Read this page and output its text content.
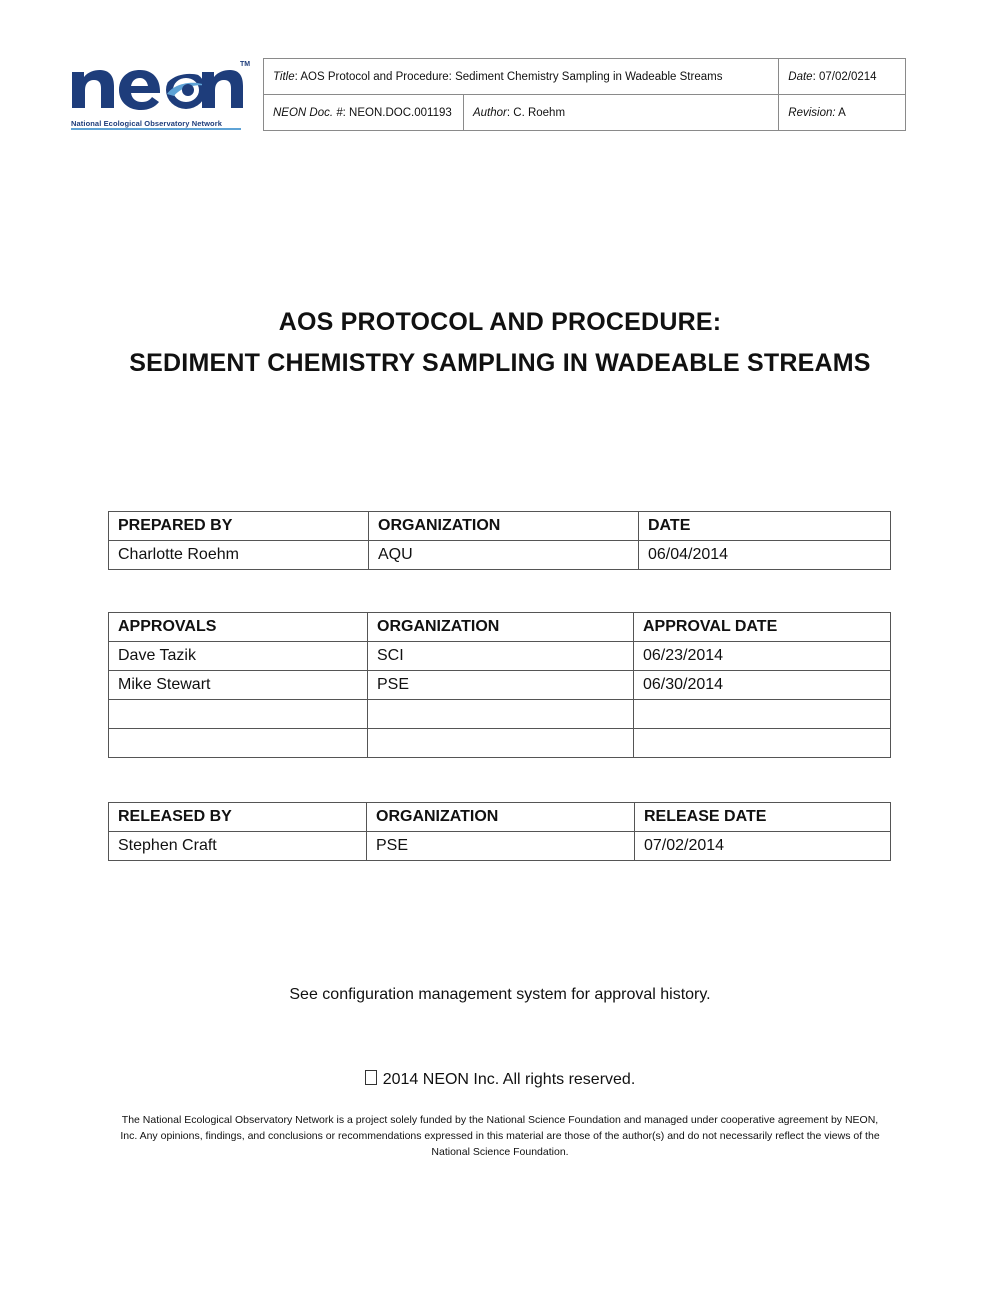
TM
National Ecological Observatory Network
Title: AOS Protocol and Procedure: Sediment Chemistry Sampling in Wadeable Streams		Date: 07/02/0214
NEON Doc. #: NEON.DOC.001193	Author: C. Roehm	Revision: A
AOS PROTOCOL AND PROCEDURE:
SEDIMENT CHEMISTRY SAMPLING IN WADEABLE STREAMS
PREPARED BY	ORGANIZATION	DATE
Charlotte Roehm	AQU	06/04/2014
APPROVALS	ORGANIZATION	APPROVAL DATE
Dave Tazik	SCI	06/23/2014
Mike Stewart	PSE	06/30/2014

RELEASED BY	ORGANIZATION	RELEASE DATE
Stephen Craft	PSE	07/02/2014
See configuration management system for approval history.
2014 NEON Inc. All rights reserved.
The National Ecological Observatory Network is a project solely funded by the National Science Foundation and managed under cooperative agreement by NEON, Inc. Any opinions, findings, and conclusions or recommendations expressed in this material are those of the author(s) and do not necessarily reflect the views of the National Science Foundation.
